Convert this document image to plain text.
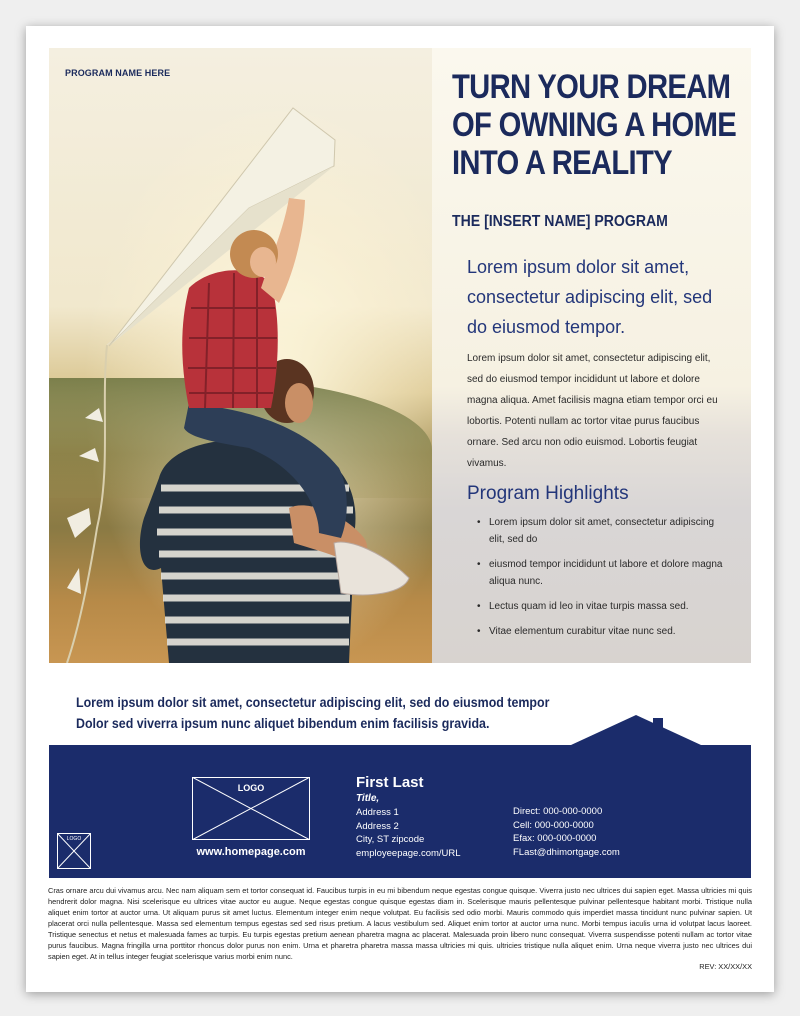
PROGRAM NAME HERE	TURN YOUR DREAM
OF OWNING A HOME
INTO A REALITY
THE [INSERT NAME] PROGRAM
Lorem ipsum dolor sit amet, consectetur adipiscing elit, sed do eiusmod tempor.
Lorem ipsum dolor sit amet, consectetur adipiscing elit, sed do eiusmod tempor incididunt ut labore et dolore magna aliqua. Amet facilisis magna etiam tempor orci eu lobortis. Potenti nullam ac tortor vitae purus faucibus ornare. Sed arcu non odio euismod. Lobortis feugiat vivamus.
Program Highlights
• Lorem ipsum dolor sit amet, consectetur adipiscing elit, sed do
• eiusmod tempor incididunt ut labore et dolore magna aliqua nunc.
• Lectus quam id leo in vitae turpis massa sed.
• Vitae elementum curabitur vitae nunc sed.
Lorem ipsum dolor sit amet, consectetur adipiscing elit, sed do eiusmod tempor
Dolor sed viverra ipsum nunc aliquet bibendum enim facilisis gravida.
LOGO
www.homepage.com
LOGO
First Last
Title,
Address 1
Address 2
City, ST zipcode
employeepage.com/URL
Direct: 000-000-0000
Cell: 000-000-0000
Efax: 000-000-0000
FLast@dhimortgage.com
Cras ornare arcu dui vivamus arcu. Nec nam aliquam sem et tortor consequat id. Faucibus turpis in eu mi bibendum neque egestas congue quisque. Viverra justo nec ultrices dui sapien eget. Massa ultricies mi quis hendrerit dolor magna. Nisi scelerisque eu ultrices vitae auctor eu augue. Neque egestas congue quisque egestas diam in. Scelerisque mauris pellentesque pulvinar pellentesque habitant morbi. Tristique nulla aliquet enim tortor at auctor urna. Ut aliquam purus sit amet luctus. Elementum integer enim neque volutpat. Eu facilisis sed odio morbi. Mauris commodo quis imperdiet massa tincidunt nunc pulvinar sapien. Ut placerat orci nulla pellentesque. Massa sed elementum tempus egestas sed sed risus pretium. A lacus vestibulum sed. Aliquet enim tortor at auctor urna nunc. Morbi tempus iaculis urna id volutpat lacus laoreet. Tristique senectus et netus et malesuada fames ac turpis. Eu turpis egestas pretium aenean pharetra magna ac placerat. Malesuada proin libero nunc consequat. Viverra suspendisse potenti nullam ac tortor vitae purus faucibus. Magna fringilla urna porttitor rhoncus dolor purus non enim. Urna et pharetra pharetra massa massa ultricies mi quis. ultricies tristique nulla aliquet enim. Urna neque viverra justo nec ultrices dui sapien eget. At in tellus integer feugiat scelerisque varius morbi enim nunc.
REV: XX/XX/XX
